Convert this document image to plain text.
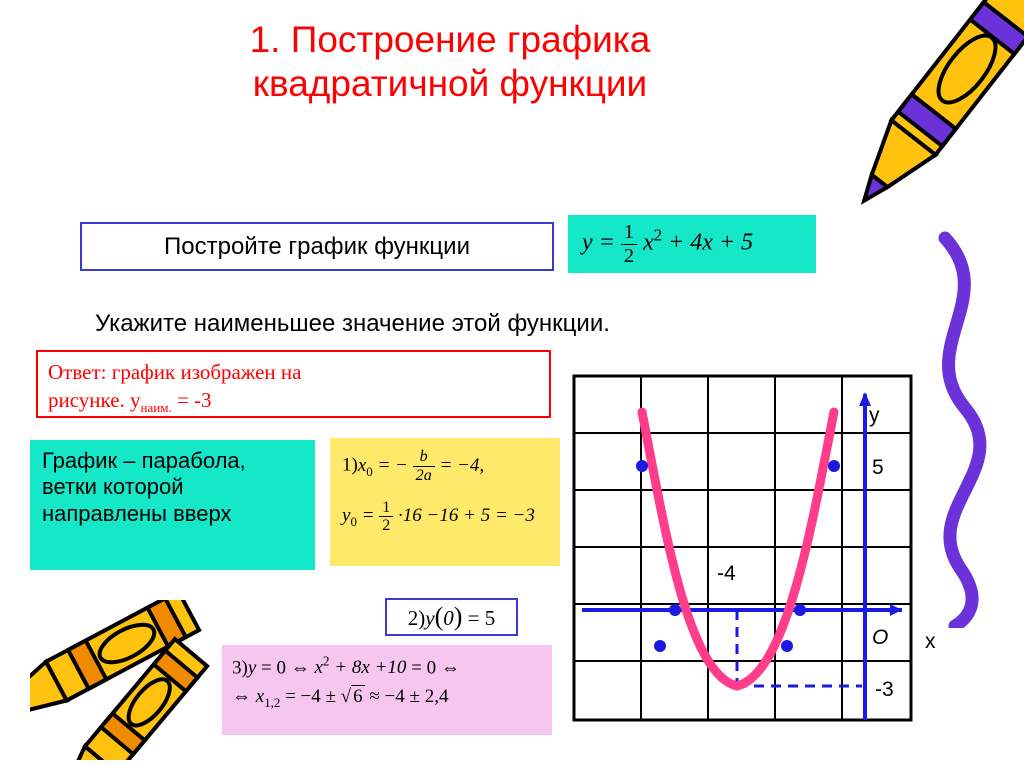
1. Построение графика
квадратичной функции
Постройте график функции	$y = \frac{1}{2} x^2 + 4x + 5$
Укажите наименьшее значение этой функции.
Ответ: график изображен на
рисунке. $y_{наим.} = -3$
График – парабола, ветки которой направлены вверх
$1)x_0$ = − $\frac{b}{2a} = -4$,
$y_0 = \frac{1}{2} \cdot 16 -16 + 5 = -3$
2)y(0) = 5
3)y = 0 ⇔ $x^2 + 8x +10 = 0$ ⇔
⇔ $x_{1,2} = -4$ ± √ 6 ≈ −4 ± 2,4
y
5
-4
O
-3
x
